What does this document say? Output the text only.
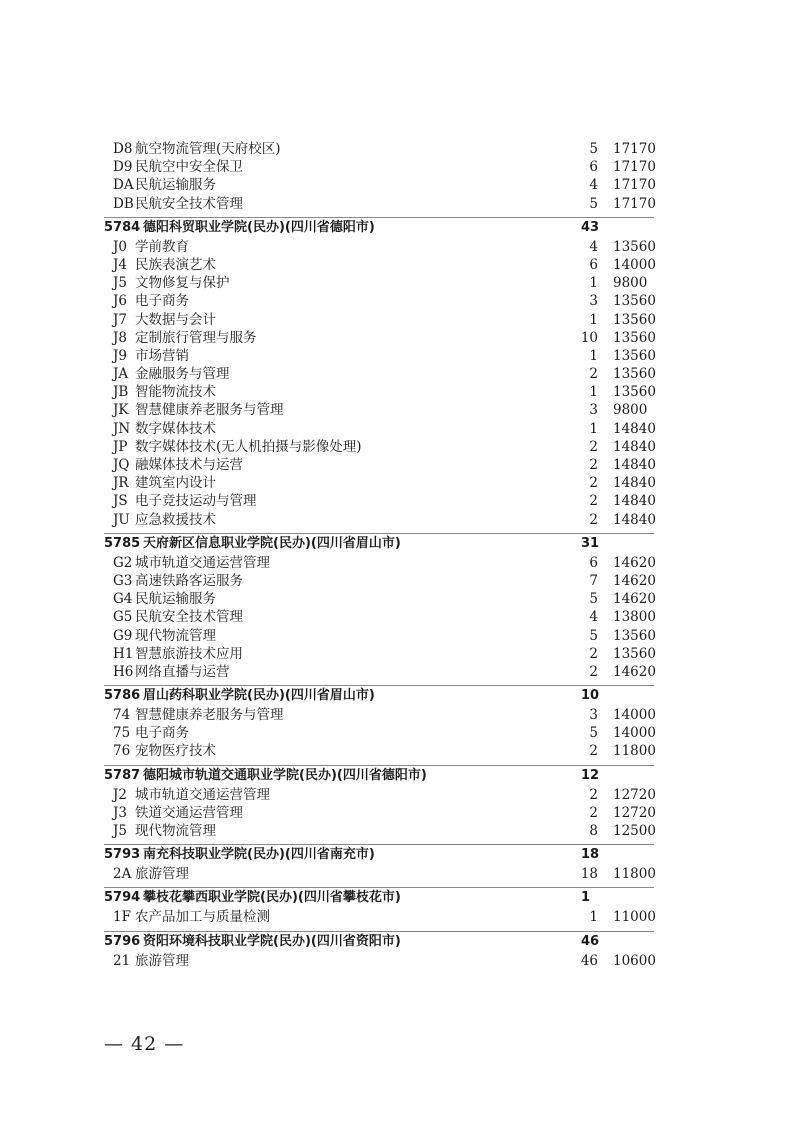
D8 航空物流管理(天府校区)	5 17170
D9 民航空中安全保卫	6 17170
DA 民航运输服务	4 17170
DB 民航安全技术管理	5 17170
5784 德阳科贸职业学院(民办)(四川省德阳市)	43
J0 学前教育	4 13560
J4 民族表演艺术	6 14000
J5 文物修复与保护	1 9800
J6 电子商务	3 13560
J7 大数据与会计	1 13560
J8 定制旅行管理与服务	10 13560
J9 市场营销	1 13560
JA 金融服务与管理	2 13560
JB 智能物流技术	1 13560
JK 智慧健康养老服务与管理	3 9800
JN 数字媒体技术	1 14840
JP 数字媒体技术(无人机拍摄与影像处理)	2 14840
JQ 融媒体技术与运营	2 14840
JR 建筑室内设计	2 14840
JS 电子竞技运动与管理	2 14840
JU 应急救援技术	2 14840
5785 天府新区信息职业学院(民办)(四川省眉山市)	31
G2 城市轨道交通运营管理	6 14620
G3 高速铁路客运服务	7 14620
G4 民航运输服务	5 14620
G5 民航安全技术管理	4 13800
G9 现代物流管理	5 13560
H1 智慧旅游技术应用	2 13560
H6 网络直播与运营	2 14620
5786 眉山药科职业学院(民办)(四川省眉山市)	10
74 智慧健康养老服务与管理	3 14000
75 电子商务	5 14000
76 宠物医疗技术	2 11800
5787 德阳城市轨道交通职业学院(民办)(四川省德阳市)	12
J2 城市轨道交通运营管理	2 12720
J3 铁道交通运营管理	2 12720
J5 现代物流管理	8 12500
5793 南充科技职业学院(民办)(四川省南充市)	18
2A 旅游管理	18 11800
5794 攀枝花攀西职业学院(民办)(四川省攀枝花市)	1
1F 农产品加工与质量检测	1 11000
5796 资阳环境科技职业学院(民办)(四川省资阳市)	46
21 旅游管理	46 10600
— 42 —
